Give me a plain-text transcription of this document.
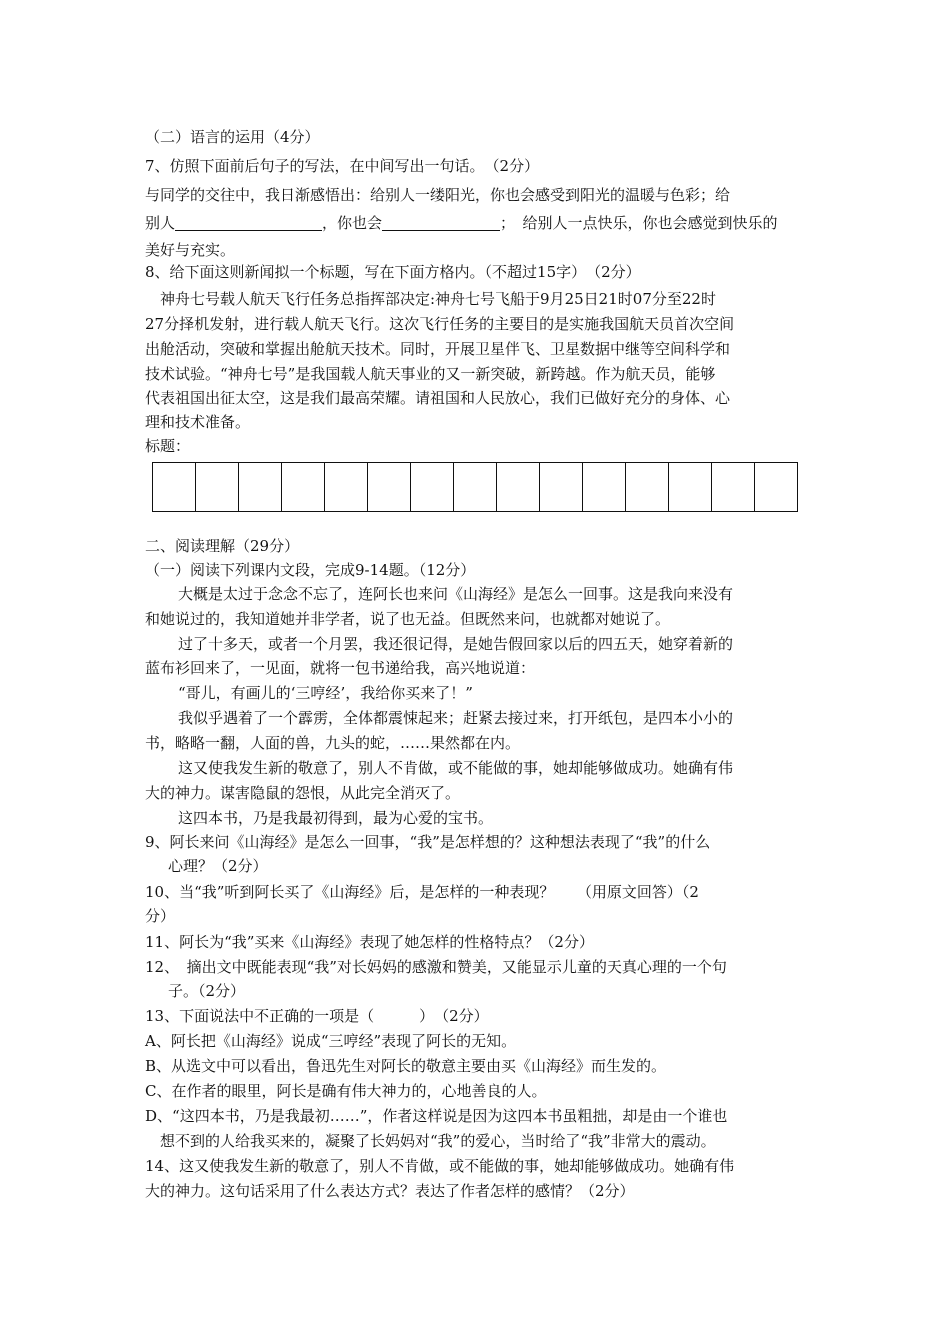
（二）语言的运用（4分）
7、仿照下面前后句子的写法，在中间写出一句话。　（2分）
与同学的交往中，我日渐感悟出：给别人一缕阳光，你也会感受到阳光的温暖与色彩；给
别人	，你也会	；　给别人一点快乐，你也会感觉到快乐的
美好与充实。
8、给下面这则新闻拟一个标题，写在下面方格内。（不超过15字）　（2分）
　神舟七号载人航天飞行任务总指挥部决定:神舟七号飞船于9月25日21时07分至22时
27分择机发射，进行载人航天飞行。这次飞行任务的主要目的是实施我国航天员首次空间
出舱活动，突破和掌握出舱航天技术。同时，开展卫星伴飞、卫星数据中继等空间科学和
技术试验。“神舟七号”是我国载人航天事业的又一新突破，新跨越。作为航天员，能够
代表祖国出征太空，这是我们最高荣耀。请祖国和人民放心，我们已做好充分的身体、心
理和技术准备。
标题：
二、阅读理解（29分）
（一）阅读下列课内文段，完成9-14题。（12分）
大概是太过于念念不忘了，连阿长也来问《山海经》是怎么一回事。这是我向来没有
和她说过的，我知道她并非学者，说了也无益。但既然来问，也就都对她说了。
过了十多天，或者一个月罢，我还很记得，是她告假回家以后的四五天，她穿着新的
蓝布衫回来了，一见面，就将一包书递给我，高兴地说道：
“哥儿，有画儿的‘三哼经’，我给你买来了！”
我似乎遇着了一个霹雳，全体都震悚起来；赶紧去接过来，打开纸包，是四本小小的
书，略略一翻，人面的兽，九头的蛇，……果然都在内。
这又使我发生新的敬意了，别人不肯做，或不能做的事，她却能够做成功。她确有伟
大的神力。谋害隐鼠的怨恨，从此完全消灭了。
这四本书，乃是我最初得到，最为心爱的宝书。
9、阿长来问《山海经》是怎么一回事，“我”是怎样想的？这种想法表现了“我”的什么
心理？（2分）
10、当“我”听到阿长买了《山海经》后，是怎样的一种表现？　　（用原文回答）（2
分）
11、阿长为“我”买来《山海经》表现了她怎样的性格特点？（2分）
12、　摘出文中既能表现“我”对长妈妈的感激和赞美，又能显示儿童的天真心理的一个句
子。（2分）
13、下面说法中不正确的一项是（　　　）　（2分）
A、阿长把《山海经》说成“三哼经”表现了阿长的无知。
B、从选文中可以看出，鲁迅先生对阿长的敬意主要由买《山海经》而生发的。
C、在作者的眼里，阿长是确有伟大神力的，心地善良的人。
D、“这四本书，乃是我最初……”，作者这样说是因为这四本书虽粗拙，却是由一个谁也
想不到的人给我买来的，凝聚了长妈妈对“我”的爱心，当时给了“我”非常大的震动。
14、这又使我发生新的敬意了，别人不肯做，或不能做的事，她却能够做成功。她确有伟
大的神力。这句话采用了什么表达方式？表达了作者怎样的感情？（2分）
